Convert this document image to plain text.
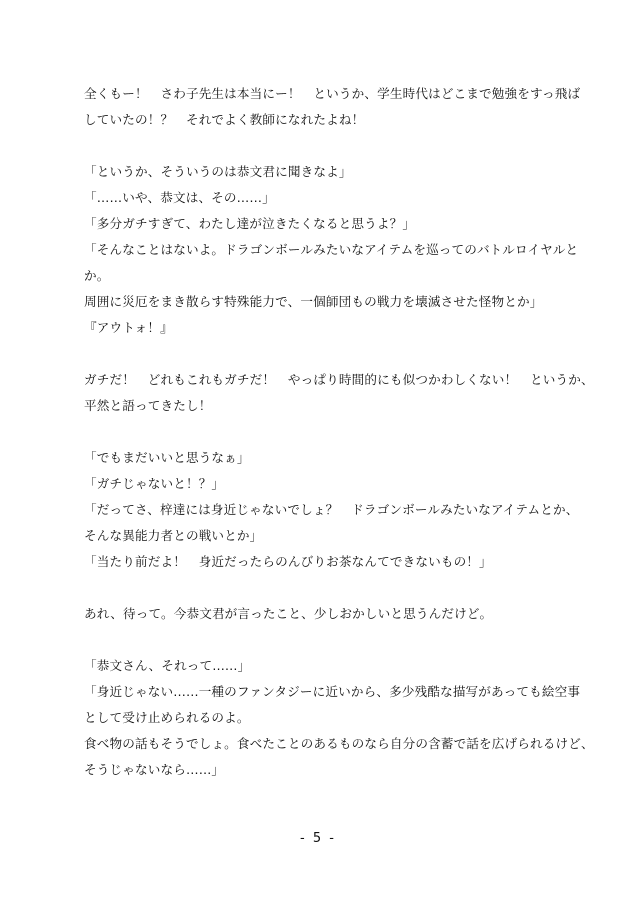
全くもー！　さわ子先生は本当にー！　というか、学生時代はどこまで勉強をすっ飛ば
していたの！？　それでよく教師になれたよね！
「というか、そういうのは恭文君に聞きなよ」
「……いや、恭文は、その……」
「多分ガチすぎて、わたし達が泣きたくなると思うよ？」
「そんなことはないよ。ドラゴンボールみたいなアイテムを巡ってのバトルロイヤルと
か。
周囲に災厄をまき散らす特殊能力で、一個師団もの戦力を壊滅させた怪物とか」
『アウトォ！』
ガチだ！　どれもこれもガチだ！　やっぱり時間的にも似つかわしくない！　というか、
平然と語ってきたし！
「でもまだいいと思うなぁ」
「ガチじゃないと！？」
「だってさ、梓達には身近じゃないでしょ？　ドラゴンボールみたいなアイテムとか、
そんな異能力者との戦いとか」
「当たり前だよ！　身近だったらのんびりお茶なんてできないもの！」
あれ、待って。今恭文君が言ったこと、少しおかしいと思うんだけど。
「恭文さん、それって……」
「身近じゃない……一種のファンタジーに近いから、多少残酷な描写があっても絵空事
として受け止められるのよ。
食べ物の話もそうでしょ。食べたことのあるものなら自分の含蓄で話を広げられるけど、
そうじゃないなら……」
- 5 -
